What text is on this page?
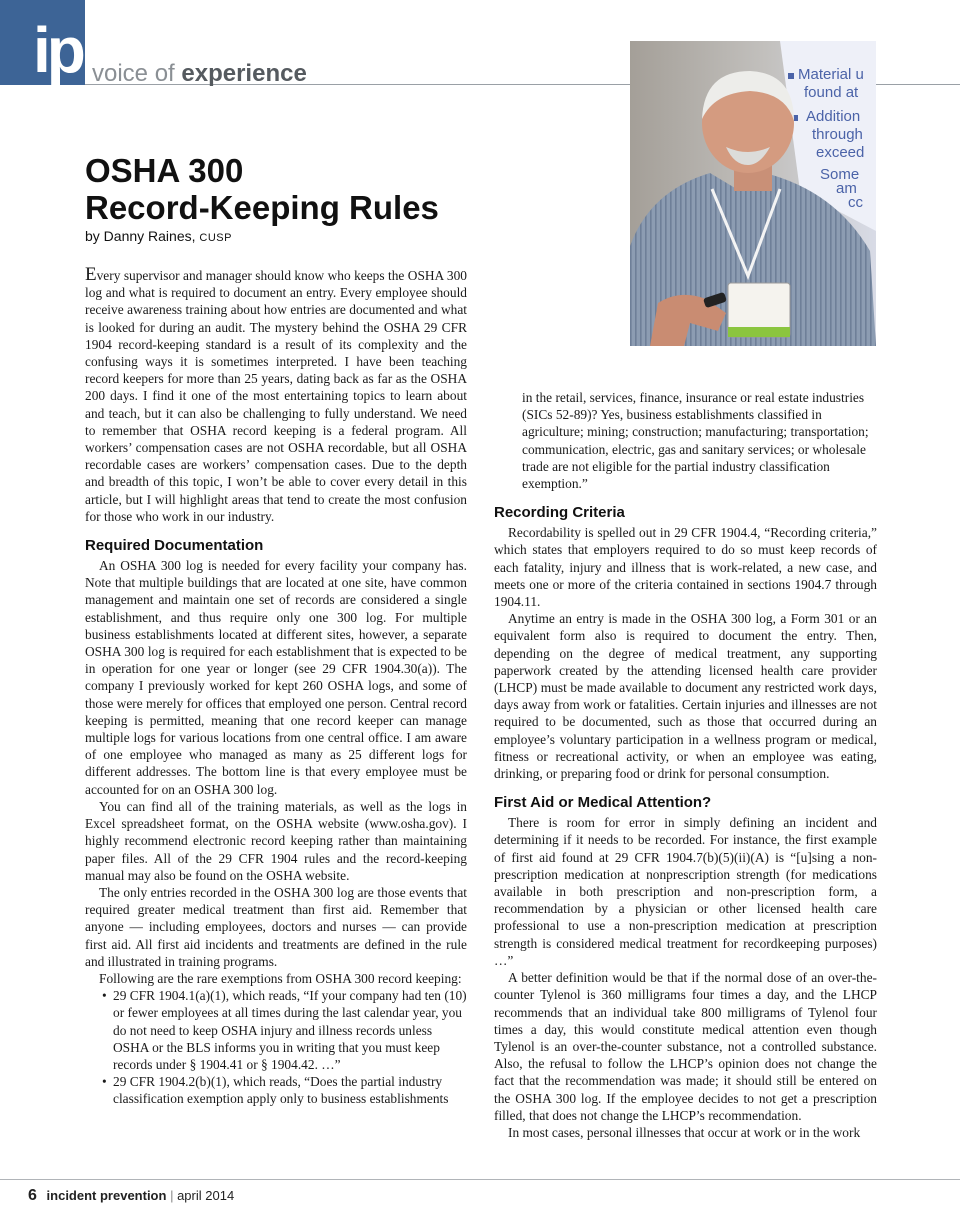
ip voice of experience
OSHA 300
Record-Keeping Rules
by Danny Raines, CUSP
Material u
found at
Addition
through
exceed
Some
am
cc

Every supervisor and manager should know who keeps the OSHA 300 log and what is required to document an entry. Every employee should receive awareness training about how entries are documented and what is looked for during an audit. The mystery behind the OSHA 29 CFR 1904 record-keeping standard is a result of its complexity and the confusing ways it is sometimes interpreted. I have been teaching record keepers for more than 25 years, dating back as far as the OSHA 200 days. I find it one of the most entertaining topics to learn about and teach, but it can also be challenging to fully understand. We need to remember that OSHA record keeping is a federal program. All workers’ compensation cases are not OSHA recordable, but all OSHA recordable cases are workers’ compensation cases. Due to the depth and breadth of this topic, I won’t be able to cover every detail in this article, but I will highlight areas that tend to create the most confusion for those who work in our industry.

Required Documentation

An OSHA 300 log is needed for every facility your company has. Note that multiple buildings that are located at one site, have common management and maintain one set of records are considered a single establishment, and thus require only one 300 log. For multiple business establishments located at different sites, however, a separate OSHA 300 log is required for each establishment that is expected to be in operation for one year or longer (see 29 CFR 1904.30(a)). The company I previously worked for kept 260 OSHA logs, and some of those were merely for offices that employed one person. Central record keeping is permitted, meaning that one record keeper can manage multiple logs for various locations from one central office. I am aware of one employee who managed as many as 25 different logs for different addresses. The bottom line is that every employee must be accounted for on an OSHA 300 log.

You can find all of the training materials, as well as the logs in Excel spreadsheet format, on the OSHA website (www.osha.gov). I highly recommend electronic record keeping rather than maintaining paper files. All of the 29 CFR 1904 rules and the record-keeping manual may also be found on the OSHA website.

The only entries recorded in the OSHA 300 log are those events that required greater medical treatment than first aid. Remember that anyone — including employees, doctors and nurses — can provide first aid. All first aid incidents and treatments are defined in the rule and illustrated in training programs.

Following are the rare exemptions from OSHA 300 record keeping:

• 29 CFR 1904.1(a)(1), which reads, “If your company had ten (10) or fewer employees at all times during the last calendar year, you do not need to keep OSHA injury and illness records unless OSHA or the BLS informs you in writing that you must keep records under § 1904.41 or § 1904.42. …”
• 29 CFR 1904.2(b)(1), which reads, “Does the partial industry classification exemption apply only to business establishments

in the retail, services, finance, insurance or real estate industries (SICs 52-89)? Yes, business establishments classified in agriculture; mining; construction; manufacturing; transportation; communication, electric, gas and sanitary services; or wholesale trade are not eligible for the partial industry classification exemption.”

Recording Criteria

Recordability is spelled out in 29 CFR 1904.4, “Recording criteria,” which states that employers required to do so must keep records of each fatality, injury and illness that is work-related, a new case, and meets one or more of the criteria contained in sections 1904.7 through 1904.11.

Anytime an entry is made in the OSHA 300 log, a Form 301 or an equivalent form also is required to document the entry. Then, depending on the degree of medical treatment, any supporting paperwork created by the attending licensed health care provider (LHCP) must be made available to document any restricted work days, days away from work or fatalities. Certain injuries and illnesses are not required to be documented, such as those that occurred during an employee’s voluntary participation in a wellness program or medical, fitness or recreational activity, or when an employee was eating, drinking, or preparing food or drink for personal consumption.

First Aid or Medical Attention?

There is room for error in simply defining an incident and determining if it needs to be recorded. For instance, the first example of first aid found at 29 CFR 1904.7(b)(5)(ii)(A) is “[u]sing a non-prescription medication at nonprescription strength (for medications available in both prescription and non-prescription form, a recommendation by a physician or other licensed health care professional to use a non-prescription medication at prescription strength is considered medical treatment for recordkeeping purposes) …”

A better definition would be that if the normal dose of an over-the-counter Tylenol is 360 milligrams four times a day, and the LHCP recommends that an individual take 800 milligrams of Tylenol four times a day, this would constitute medical attention even though Tylenol is an over-the-counter substance, not a controlled substance. Also, the refusal to follow the LHCP’s opinion does not change the fact that the recommendation was made; it should still be entered on the OSHA 300 log. If the employee decides to not get a prescription filled, that does not change the LHCP’s recommendation.

In most cases, personal illnesses that occur at work or in the work

6 incident prevention | april 2014
